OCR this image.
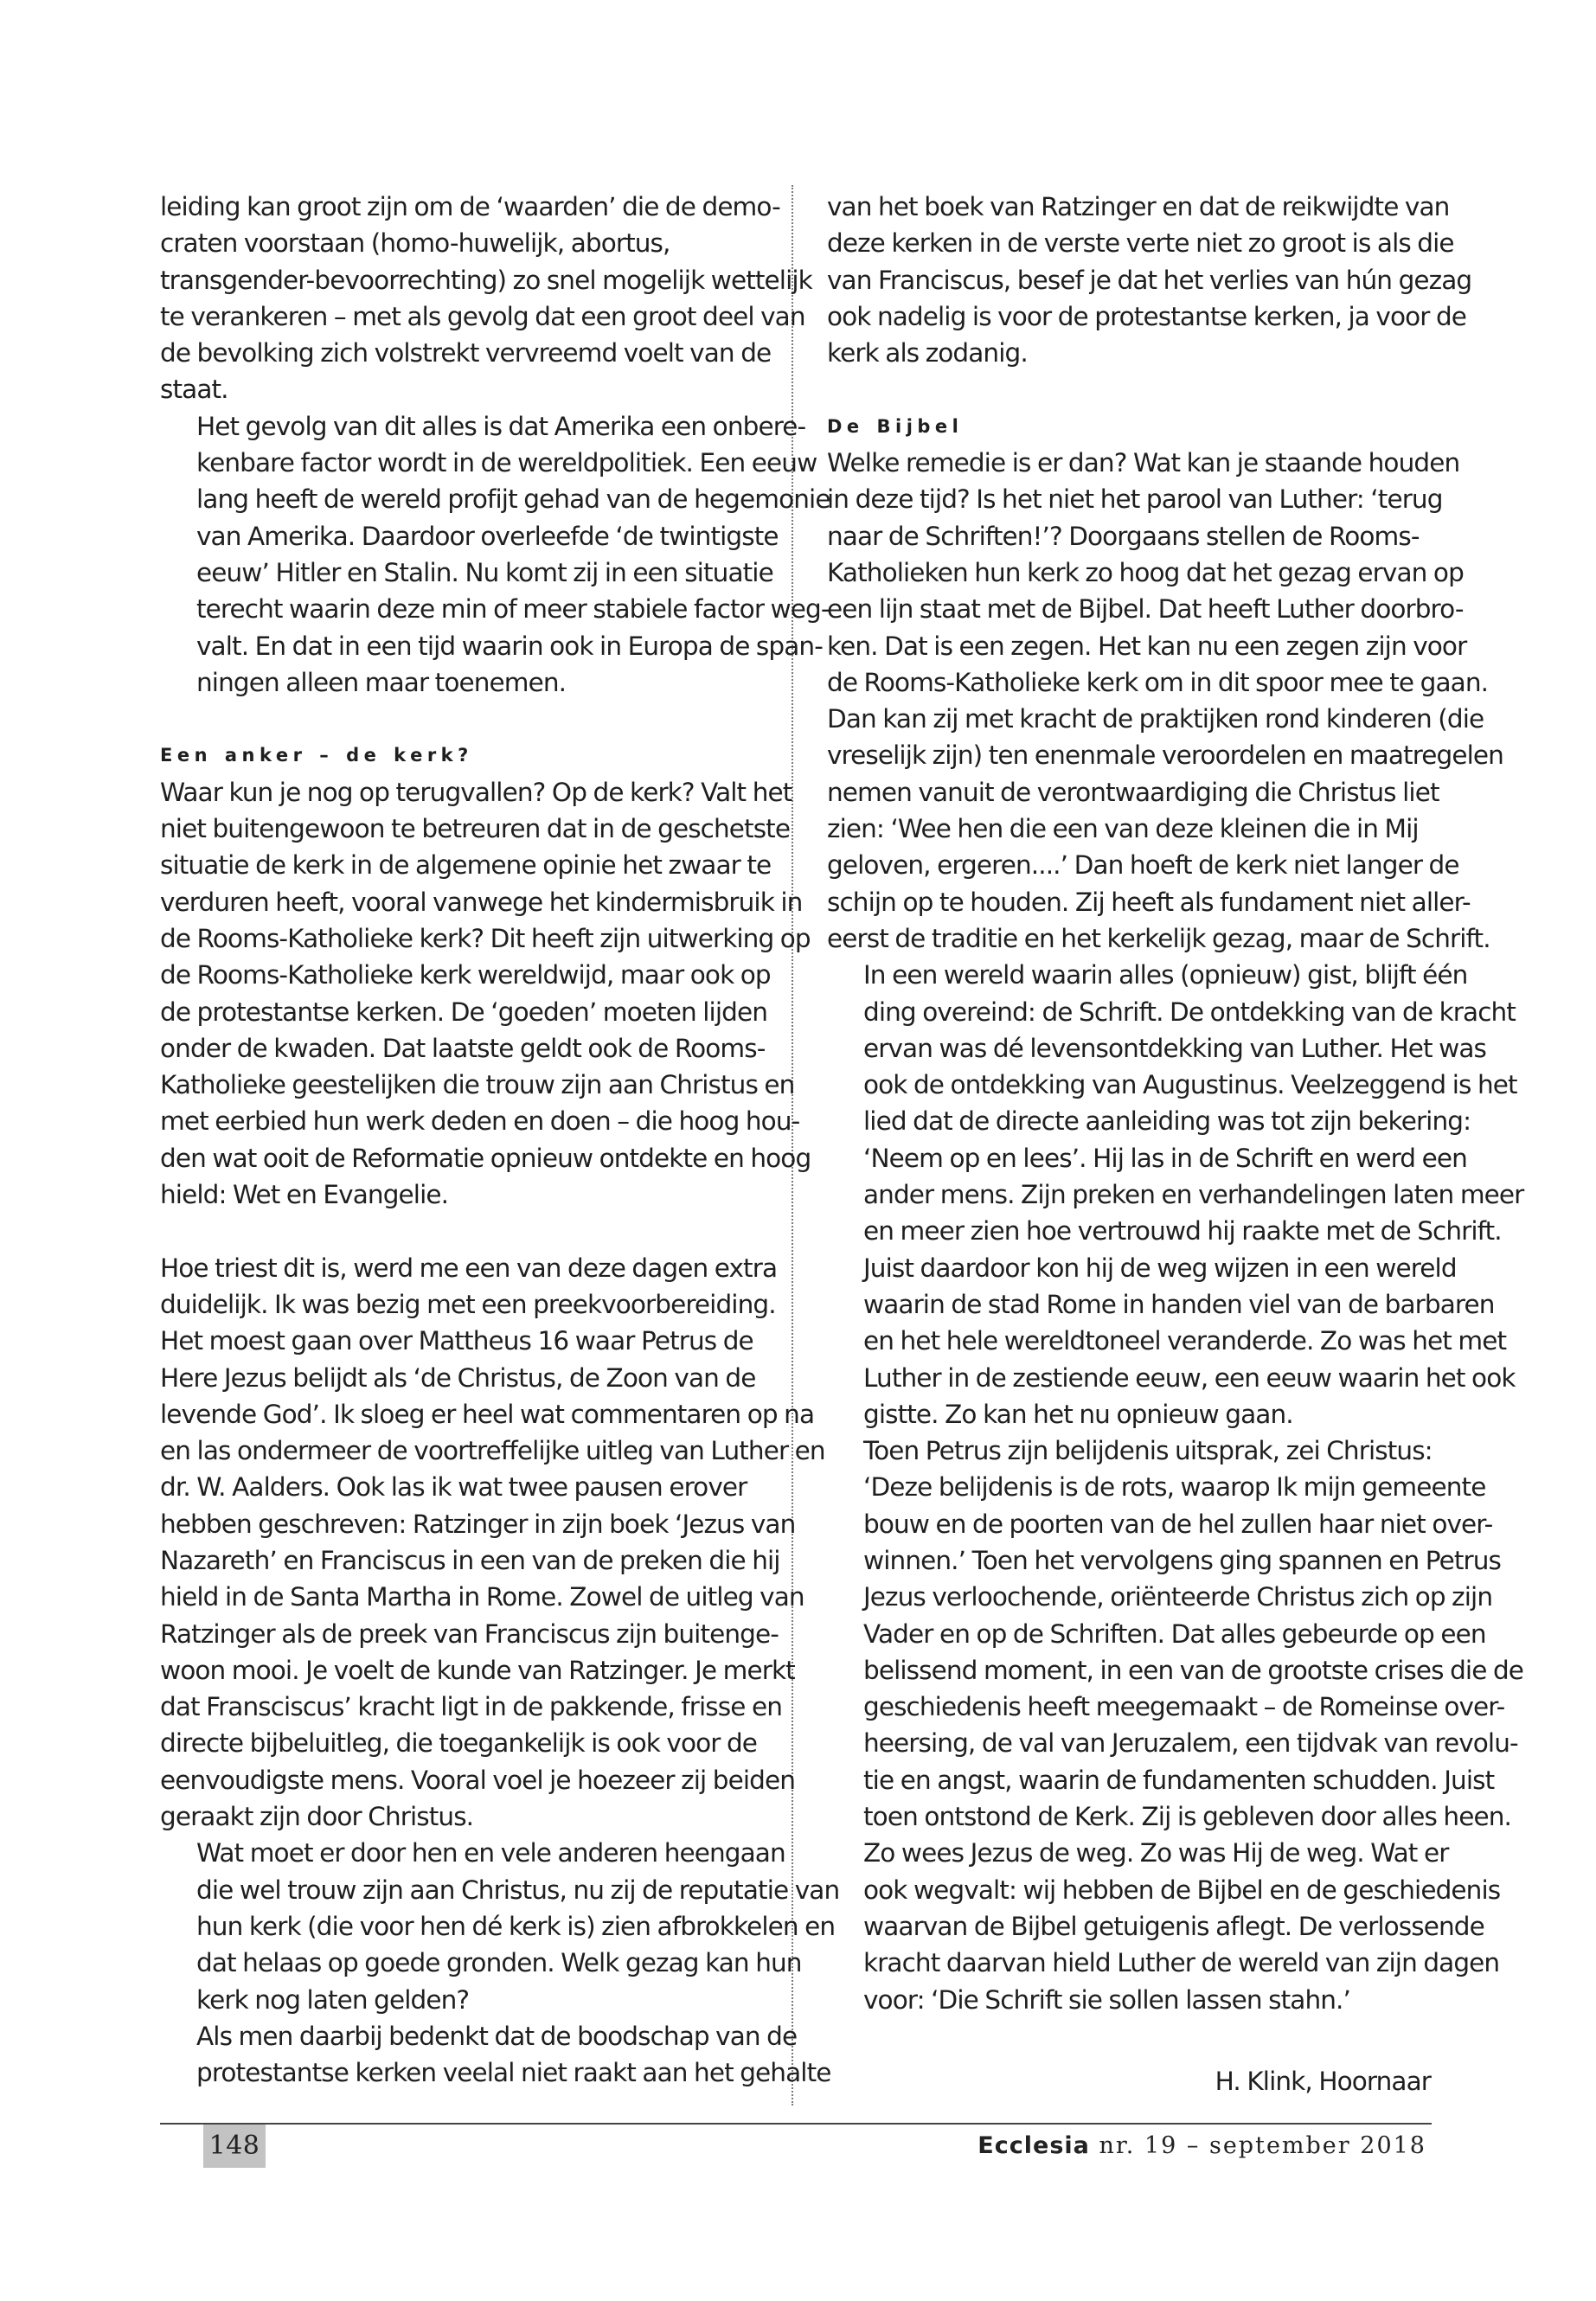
leiding kan groot zijn om de ‘waarden’ die de demo-
craten voorstaan (homo-huwelijk, abortus,
transgender-bevoorrechting) zo snel mogelijk wettelijk
te verankeren – met als gevolg dat een groot deel van
de bevolking zich volstrekt vervreemd voelt van de
staat.

Het gevolg van dit alles is dat Amerika een onbere-
kenbare factor wordt in de wereldpolitiek. Een eeuw
lang heeft de wereld profijt gehad van de hegemonie
van Amerika. Daardoor overleefde ‘de twintigste
eeuw’ Hitler en Stalin. Nu komt zij in een situatie
terecht waarin deze min of meer stabiele factor weg-
valt. En dat in een tijd waarin ook in Europa de span-
ningen alleen maar toenemen.

Een anker – de kerk?

Waar kun je nog op terugvallen? Op de kerk? Valt het
niet buitengewoon te betreuren dat in de geschetste
situatie de kerk in de algemene opinie het zwaar te
verduren heeft, vooral vanwege het kindermisbruik in
de Rooms-Katholieke kerk? Dit heeft zijn uitwerking op
de Rooms-Katholieke kerk wereldwijd, maar ook op
de protestantse kerken. De ‘goeden’ moeten lijden
onder de kwaden. Dat laatste geldt ook de Rooms-
Katholieke geestelijken die trouw zijn aan Christus en
met eerbied hun werk deden en doen – die hoog hou-
den wat ooit de Reformatie opnieuw ontdekte en hoog
hield: Wet en Evangelie.

Hoe triest dit is, werd me een van deze dagen extra
duidelijk. Ik was bezig met een preekvoorbereiding.
Het moest gaan over Mattheus 16 waar Petrus de
Here Jezus belijdt als ‘de Christus, de Zoon van de
levende God’. Ik sloeg er heel wat commentaren op na
en las ondermeer de voortreffelijke uitleg van Luther en
dr. W. Aalders. Ook las ik wat twee pausen erover
hebben geschreven: Ratzinger in zijn boek ‘Jezus van
Nazareth’ en Franciscus in een van de preken die hij
hield in de Santa Martha in Rome. Zowel de uitleg van
Ratzinger als de preek van Franciscus zijn buitenge-
woon mooi. Je voelt de kunde van Ratzinger. Je merkt
dat Fransciscus’ kracht ligt in de pakkende, frisse en
directe bijbeluitleg, die toegankelijk is ook voor de
eenvoudigste mens. Vooral voel je hoezeer zij beiden
geraakt zijn door Christus.

Wat moet er door hen en vele anderen heengaan
die wel trouw zijn aan Christus, nu zij de reputatie van
hun kerk (die voor hen dé kerk is) zien afbrokkelen en
dat helaas op goede gronden. Welk gezag kan hun
kerk nog laten gelden?

Als men daarbij bedenkt dat de boodschap van de
protestantse kerken veelal niet raakt aan het gehalte

van het boek van Ratzinger en dat de reikwijdte van
deze kerken in de verste verte niet zo groot is als die
van Franciscus, besef je dat het verlies van hún gezag
ook nadelig is voor de protestantse kerken, ja voor de
kerk als zodanig.

De Bijbel

Welke remedie is er dan? Wat kan je staande houden
in deze tijd? Is het niet het parool van Luther: ‘terug
naar de Schriften!’? Doorgaans stellen de Rooms-
Katholieken hun kerk zo hoog dat het gezag ervan op
een lijn staat met de Bijbel. Dat heeft Luther doorbro-
ken. Dat is een zegen. Het kan nu een zegen zijn voor
de Rooms-Katholieke kerk om in dit spoor mee te gaan.
Dan kan zij met kracht de praktijken rond kinderen (die
vreselijk zijn) ten enenmale veroordelen en maatregelen
nemen vanuit de verontwaardiging die Christus liet
zien: ‘Wee hen die een van deze kleinen die in Mij
geloven, ergeren....’ Dan hoeft de kerk niet langer de
schijn op te houden. Zij heeft als fundament niet aller-
eerst de traditie en het kerkelijk gezag, maar de Schrift.

In een wereld waarin alles (opnieuw) gist, blijft één
ding overeind: de Schrift. De ontdekking van de kracht
ervan was dé levensontdekking van Luther. Het was
ook de ontdekking van Augustinus. Veelzeggend is het
lied dat de directe aanleiding was tot zijn bekering:
‘Neem op en lees’. Hij las in de Schrift en werd een
ander mens. Zijn preken en verhandelingen laten meer
en meer zien hoe vertrouwd hij raakte met de Schrift.
Juist daardoor kon hij de weg wijzen in een wereld
waarin de stad Rome in handen viel van de barbaren
en het hele wereldtoneel veranderde. Zo was het met
Luther in de zestiende eeuw, een eeuw waarin het ook
gistte. Zo kan het nu opnieuw gaan.

Toen Petrus zijn belijdenis uitsprak, zei Christus:
‘Deze belijdenis is de rots, waarop Ik mijn gemeente
bouw en de poorten van de hel zullen haar niet over-
winnen.’ Toen het vervolgens ging spannen en Petrus
Jezus verloochende, oriënteerde Christus zich op zijn
Vader en op de Schriften. Dat alles gebeurde op een
belissend moment, in een van de grootste crises die de
geschiedenis heeft meegemaakt – de Romeinse over-
heersing, de val van Jeruzalem, een tijdvak van revolu-
tie en angst, waarin de fundamenten schudden. Juist
toen ontstond de Kerk. Zij is gebleven door alles heen.

Zo wees Jezus de weg. Zo was Hij de weg. Wat er
ook wegvalt: wij hebben de Bijbel en de geschiedenis
waarvan de Bijbel getuigenis aflegt. De verlossende
kracht daarvan hield Luther de wereld van zijn dagen
voor: ‘Die Schrift sie sollen lassen stahn.’

H. Klink, Hoornaar

148	Ecclesia nr. 19 – september 2018
